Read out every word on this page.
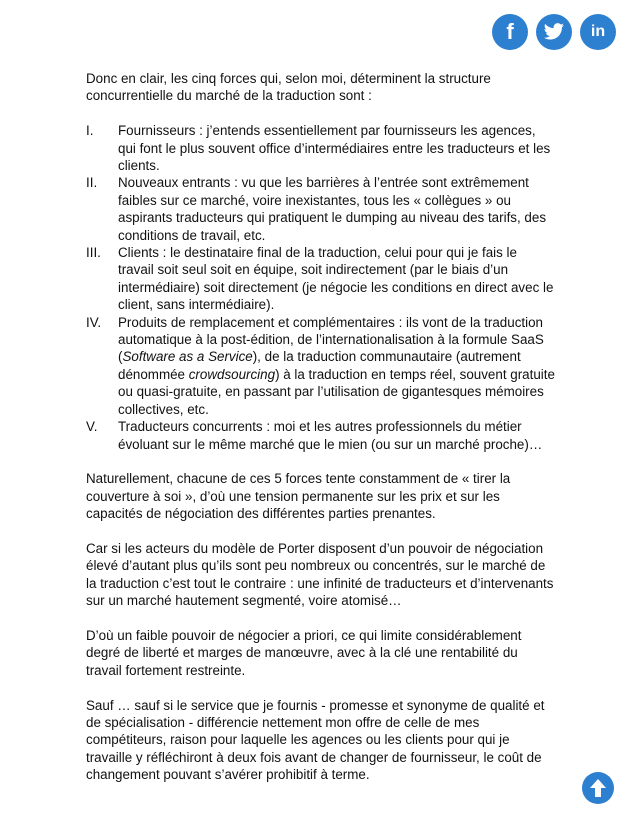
f	in

Donc en clair, les cinq forces qui, selon moi, déterminent la structure concurrentielle du marché de la traduction sont :

I. Fournisseurs : j’entends essentiellement par fournisseurs les agences, qui font le plus souvent office d’intermédiaires entre les traducteurs et les clients.
II. Nouveaux entrants : vu que les barrières à l’entrée sont extrêmement faibles sur ce marché, voire inexistantes, tous les « collègues » ou aspirants traducteurs qui pratiquent le dumping au niveau des tarifs, des conditions de travail, etc.
III. Clients : le destinataire final de la traduction, celui pour qui je fais le travail soit seul soit en équipe, soit indirectement (par le biais d’un intermédiaire) soit directement (je négocie les conditions en direct avec le client, sans intermédiaire).
IV. Produits de remplacement et complémentaires : ils vont de la traduction automatique à la post-édition, de l’internationalisation à la formule SaaS (Software as a Service), de la traduction communautaire (autrement dénommée crowdsourcing) à la traduction en temps réel, souvent gratuite ou quasi-gratuite, en passant par l’utilisation de gigantesques mémoires collectives, etc.
V. Traducteurs concurrents : moi et les autres professionnels du métier évoluant sur le même marché que le mien (ou sur un marché proche)…

Naturellement, chacune de ces 5 forces tente constamment de « tirer la couverture à soi », d’où une tension permanente sur les prix et sur les capacités de négociation des différentes parties prenantes.

Car si les acteurs du modèle de Porter disposent d’un pouvoir de négociation élevé d’autant plus qu’ils sont peu nombreux ou concentrés, sur le marché de la traduction c’est tout le contraire : une infinité de traducteurs et d’intervenants sur un marché hautement segmenté, voire atomisé…

D’où un faible pouvoir de négocier a priori, ce qui limite considérablement degré de liberté et marges de manœuvre, avec à la clé une rentabilité du travail fortement restreinte.

Sauf … sauf si le service que je fournis - promesse et synonyme de qualité et de spécialisation - différencie nettement mon offre de celle de mes compétiteurs, raison pour laquelle les agences ou les clients pour qui je travaille y réfléchiront à deux fois avant de changer de fournisseur, le coût de changement pouvant s’avérer prohibitif à terme.
